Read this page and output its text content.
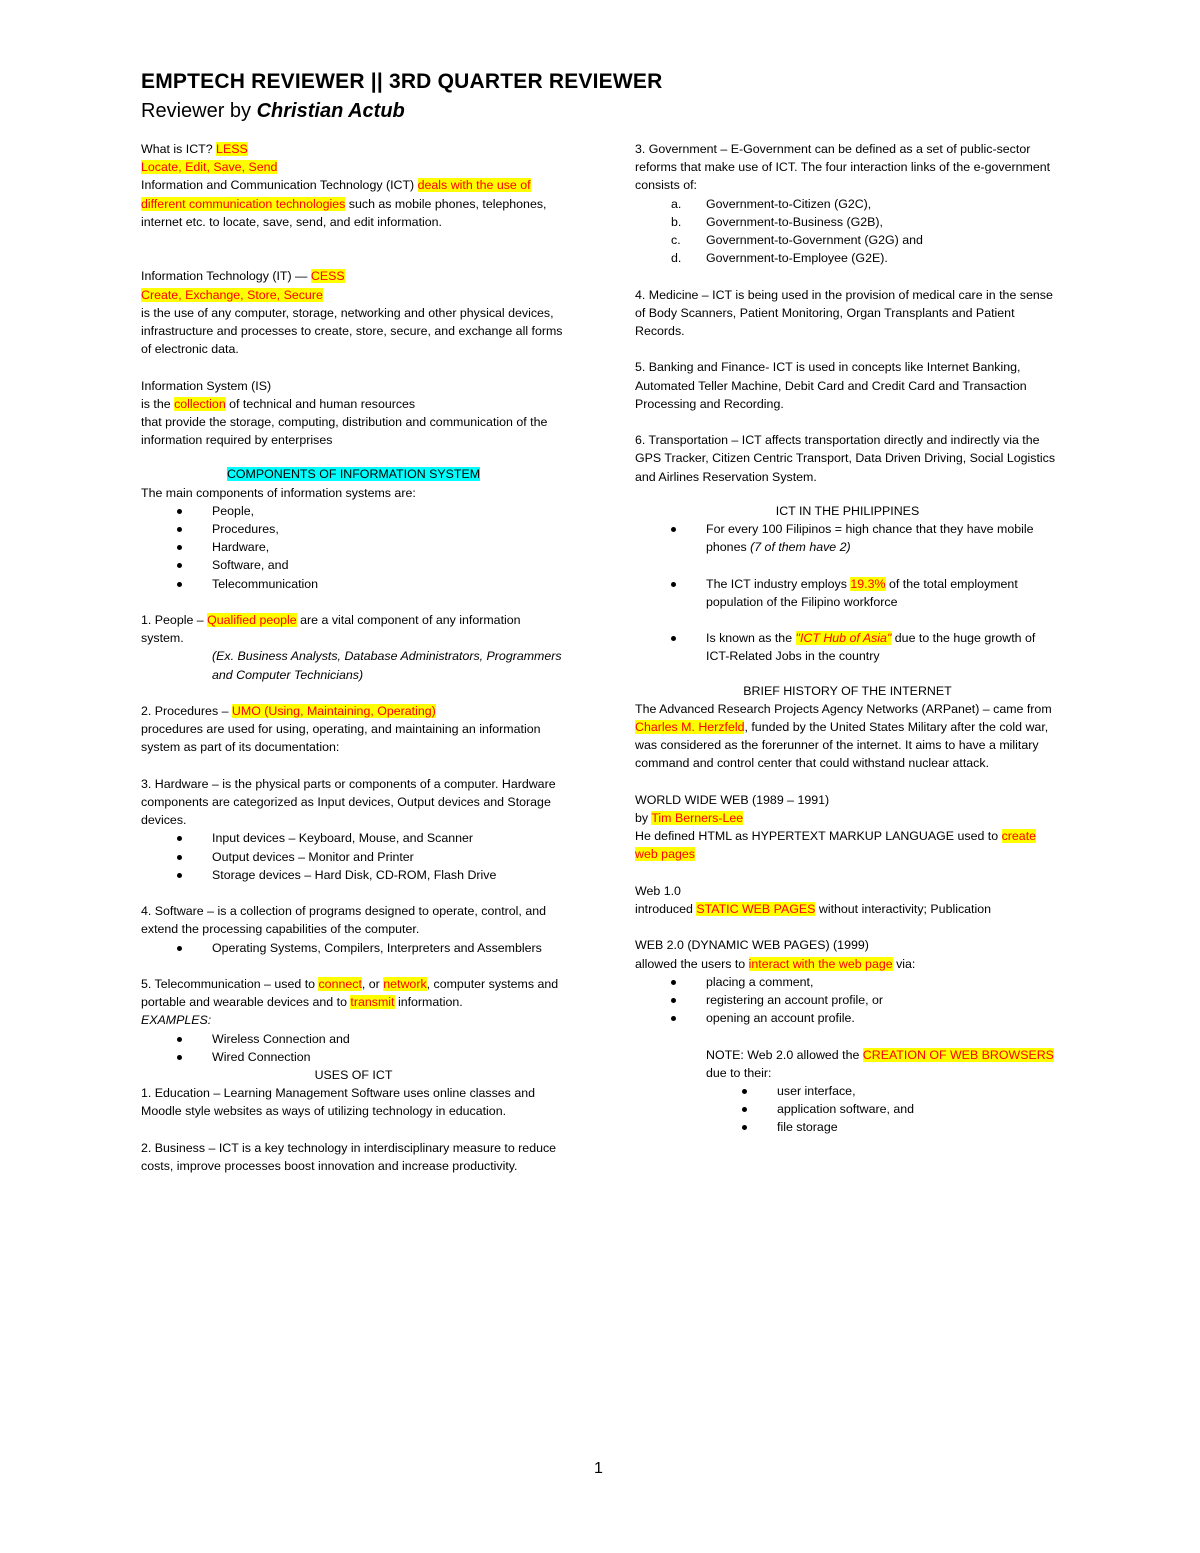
EMPTECH REVIEWER || 3RD QUARTER REVIEWER
Reviewer by Christian Actub

What is ICT? LESS

Locate, Edit, Save, Send

Information and Communication Technology (ICT) deals with the use of different communication technologies such as mobile phones, telephones, internet etc. to locate, save, send, and edit information.

Information Technology (IT) — CESS

Create, Exchange, Store, Secure

is the use of any computer, storage, networking and other physical devices, infrastructure and processes to create, store, secure, and exchange all forms of electronic data.

Information System (IS)

is the collection of technical and human resources

that provide the storage, computing, distribution and communication of the

information required by enterprises

COMPONENTS OF INFORMATION SYSTEM

The main components of information systems are:

People,
Procedures,
Hardware,
Software, and
Telecommunication

1. People – Qualified people are a vital component of any information system.

(Ex. Business Analysts, Database Administrators, Programmers and Computer Technicians)

2. Procedures – UMO (Using, Maintaining, Operating)

procedures are used for using, operating, and maintaining an information system as part of its documentation:

3. Hardware – is the physical parts or components of a computer. Hardware components are categorized as Input devices, Output devices and Storage devices.

Input devices – Keyboard, Mouse, and Scanner
Output devices – Monitor and Printer
Storage devices – Hard Disk, CD-ROM, Flash Drive

4. Software – is a collection of programs designed to operate, control, and

extend the processing capabilities of the computer.

Operating Systems, Compilers, Interpreters and Assemblers

5. Telecommunication – used to connect, or network, computer systems and portable and wearable devices and to transmit information.

EXAMPLES:

Wireless Connection and
Wired Connection

USES OF ICT

1. Education – Learning Management Software uses online classes and Moodle style websites as ways of utilizing technology in education.

2. Business – ICT is a key technology in interdisciplinary measure to reduce costs, improve processes boost innovation and increase productivity.

3. Government – E-Government can be defined as a set of public-sector reforms that make use of ICT. The four interaction links of the e-government consists of:

a. Government-to-Citizen (G2C),
b. Government-to-Business (G2B),
c. Government-to-Government (G2G) and
d. Government-to-Employee (G2E).

4. Medicine – ICT is being used in the provision of medical care in the sense of Body Scanners, Patient Monitoring, Organ Transplants and Patient Records.

5. Banking and Finance- ICT is used in concepts like Internet Banking, Automated Teller Machine, Debit Card and Credit Card and Transaction Processing and Recording.

6. Transportation – ICT affects transportation directly and indirectly via the GPS Tracker, Citizen Centric Transport, Data Driven Driving, Social Logistics and Airlines Reservation System.

ICT IN THE PHILIPPINES

For every 100 Filipinos = high chance that they have mobile phones (7 of them have 2)
The ICT industry employs 19.3% of the total employment population of the Filipino workforce
Is known as the "ICT Hub of Asia" due to the huge growth of ICT-Related Jobs in the country

BRIEF HISTORY OF THE INTERNET

The Advanced Research Projects Agency Networks (ARPanet) – came from Charles M. Herzfeld, funded by the United States Military after the cold war, was considered as the forerunner of the internet. It aims to have a military command and control center that could withstand nuclear attack.

WORLD WIDE WEB (1989 – 1991)

by Tim Berners-Lee

He defined HTML as HYPERTEXT MARKUP LANGUAGE used to create web pages

Web 1.0

introduced STATIC WEB PAGES without interactivity; Publication

WEB 2.0 (DYNAMIC WEB PAGES) (1999)

allowed the users to interact with the web page via:

placing a comment,
registering an account profile, or
opening an account profile.

NOTE: Web 2.0 allowed the CREATION OF WEB BROWSERS due to their:

user interface,
application software, and
file storage
1
